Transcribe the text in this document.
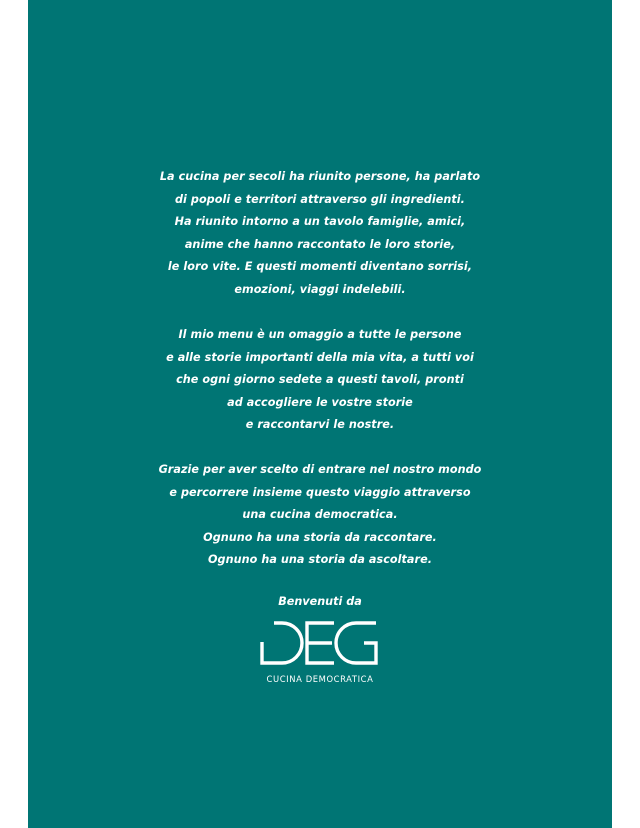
La cucina per secoli ha riunito persone, ha parlato
di popoli e territori attraverso gli ingredienti.
Ha riunito intorno a un tavolo famiglie, amici,
anime che hanno raccontato le loro storie,
le loro vite. E questi momenti diventano sorrisi,
emozioni, viaggi indelebili.
Il mio menu è un omaggio a tutte le persone
e alle storie importanti della mia vita, a tutti voi
che ogni giorno sedete a questi tavoli, pronti
ad accogliere le vostre storie
e raccontarvi le nostre.
Grazie per aver scelto di entrare nel nostro mondo
e percorrere insieme questo viaggio attraverso
una cucina democratica.
Ognuno ha una storia da raccontare.
Ognuno ha una storia da ascoltare.
Benvenuti da
CUCINA DEMOCRATICA
